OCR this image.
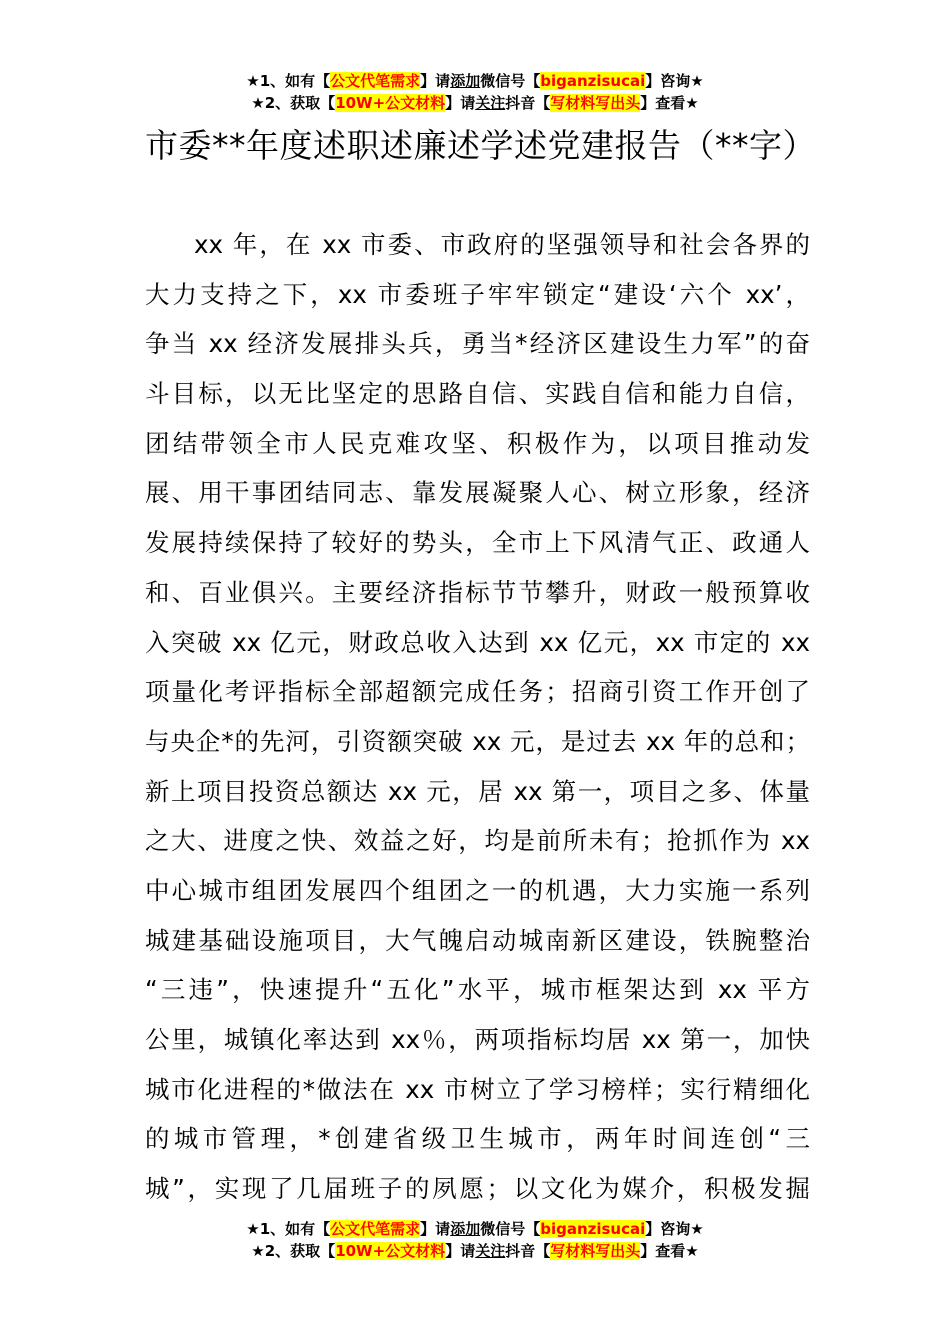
★1、如有【公文代笔需求】请添加微信号【biganzisucai】咨询★
★2、获取【10W+公文材料】请关注抖音【写材料写出头】查看★
市委**年度述职述廉述学述党建报告（**字）
xx 年，在 xx 市委、市政府的坚强领导和社会各界的
大力支持之下，xx 市委班子牢牢锁定“建设‘六个 xx’，
争当 xx 经济发展排头兵，勇当*经济区建设生力军”的奋
斗目标，以无比坚定的思路自信、实践自信和能力自信，
团结带领全市人民克难攻坚、积极作为，以项目推动发
展、用干事团结同志、靠发展凝聚人心、树立形象，经济
发展持续保持了较好的势头，全市上下风清气正、政通人
和、百业俱兴。主要经济指标节节攀升，财政一般预算收
入突破 xx 亿元，财政总收入达到 xx 亿元，xx 市定的 xx
项量化考评指标全部超额完成任务；招商引资工作开创了
与央企*的先河，引资额突破 xx 元，是过去 xx 年的总和；
新上项目投资总额达 xx 元，居 xx 第一，项目之多、体量
之大、进度之快、效益之好，均是前所未有；抢抓作为 xx
中心城市组团发展四个组团之一的机遇，大力实施一系列
城建基础设施项目，大气魄启动城南新区建设，铁腕整治
“三违”，快速提升“五化”水平，城市框架达到 xx 平方
公里，城镇化率达到 xx％，两项指标均居 xx 第一，加快
城市化进程的*做法在 xx 市树立了学习榜样；实行精细化
的城市管理，*创建省级卫生城市，两年时间连创“三
城”，实现了几届班子的夙愿；以文化为媒介，积极发掘
★1、如有【公文代笔需求】请添加微信号【biganzisucai】咨询★
★2、获取【10W+公文材料】请关注抖音【写材料写出头】查看★
